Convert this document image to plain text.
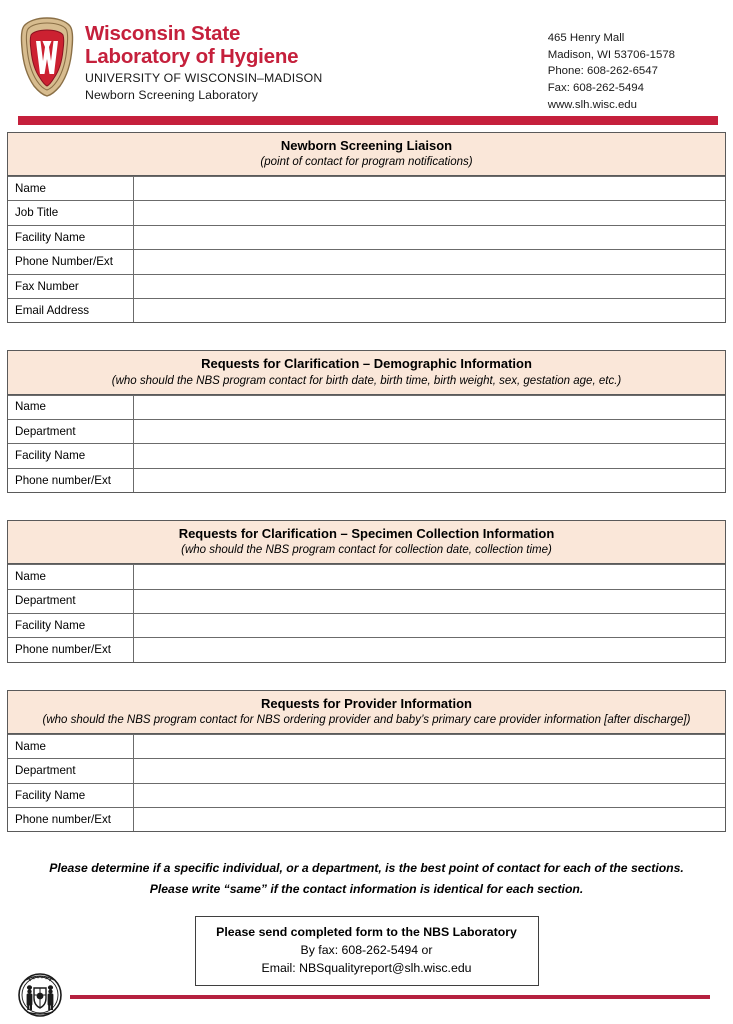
Wisconsin State
Laboratory of Hygiene
UNIVERSITY OF WISCONSIN–MADISON
Newborn Screening Laboratory
465 Henry Mall
Madison, WI 53706-1578
Phone: 608-262-6547
Fax: 608-262-5494
www.slh.wisc.edu
Newborn Screening Liaison
(point of contact for program notifications)
Name
Job Title
Facility Name
Phone Number/Ext
Fax Number
Email Address
Requests for Clarification – Demographic Information
(who should the NBS program contact for birth date, birth time, birth weight, sex, gestation age, etc.)
Name
Department
Facility Name
Phone number/Ext
Requests for Clarification – Specimen Collection Information
(who should the NBS program contact for collection date, collection time)
Name
Department
Facility Name
Phone number/Ext
Requests for Provider Information
(who should the NBS program contact for NBS ordering provider and baby’s primary care provider information [after discharge])
Name
Department
Facility Name
Phone number/Ext
Please determine if a specific individual, or a department, is the best point of contact for each of the sections.
Please write “same” if the contact information is identical for each section.
Please send completed form to the NBS Laboratory
By fax: 608-262-5494 or
Email: NBSqualityreport@slh.wisc.edu
